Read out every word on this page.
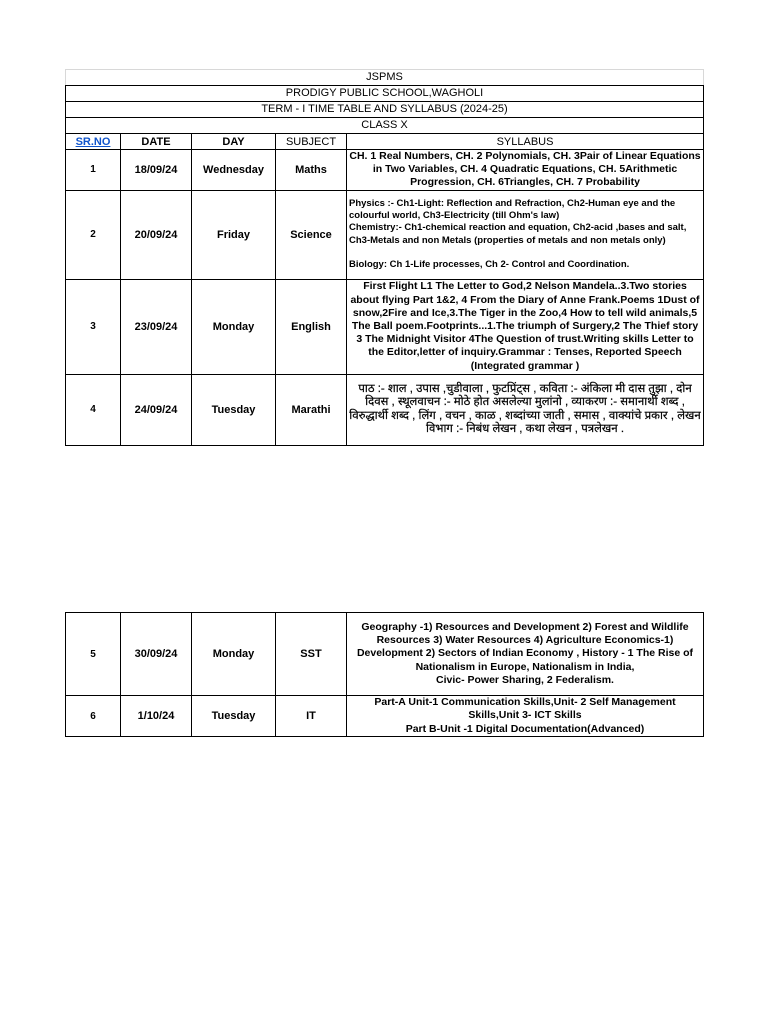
JSPMS				
PRODIGY PUBLIC SCHOOL,WAGHOLI				
TERM - I TIME TABLE AND SYLLABUS (2024-25)				
CLASS X				
SR.NO	DATE	DAY	SUBJECT	SYLLABUS
1	18/09/24	Wednesday	Maths	CH. 1 Real Numbers, CH. 2 Polynomials, CH. 3Pair of Linear Equations in Two Variables, CH. 4 Quadratic Equations, CH. 5Arithmetic Progression, CH. 6Triangles, CH. 7 Probability
2	20/09/24	Friday	Science	Physics :- Ch1-Light: Reflection and Refraction, Ch2-Human eye and the colourful world, Ch3-Electricity (till Ohm's law)
Chemistry:- Ch1-chemical reaction and equation, Ch2-acid ,bases and salt, Ch3-Metals and non Metals (properties of metals and non metals only)

Biology: Ch 1-Life processes, Ch 2- Control and Coordination.
3	23/09/24	Monday	English	First Flight L1 The Letter to God,2 Nelson Mandela..3.Two stories about flying Part 1&2, 4 From the Diary of Anne Frank.Poems 1Dust of snow,2Fire and Ice,3.The Tiger in the Zoo,4 How to tell wild animals,5 The Ball poem.Footprints...1.The triumph of Surgery,2 The Thief story 3 The Midnight Visitor 4The Question of trust.Writing skills Letter to the Editor,letter of inquiry.Grammar : Tenses, Reported Speech (Integrated grammar )
4	24/09/24	Tuesday	Marathi	पाठ :- शाल , उपास ,चुडीवाला , फुटप्रिंट्स , कविता :- अंकिला मी दास तुझा , दोन दिवस , स्थूलवाचन :- मोठे होत असलेल्या मुलांनो , व्याकरण :- समानार्थी शब्द , विरुद्धार्थी शब्द , लिंग , वचन , काळ , शब्दांच्या जाती , समास , वाक्यांचे प्रकार , लेखन विभाग :- निबंध लेखन , कथा लेखन , पत्रलेखन .
5	30/09/24	Monday	SST	Geography -1) Resources and Development 2) Forest and Wildlife Resources 3) Water Resources 4) Agriculture Economics-1) Development 2) Sectors of Indian Economy , History - 1 The Rise of Nationalism in Europe, Nationalism in India,
Civic- Power Sharing, 2 Federalism.
6	1/10/24	Tuesday	IT	Part-A Unit-1 Communication Skills,Unit- 2 Self Management Skills,Unit 3- ICT Skills
Part B-Unit -1 Digital Documentation(Advanced)
